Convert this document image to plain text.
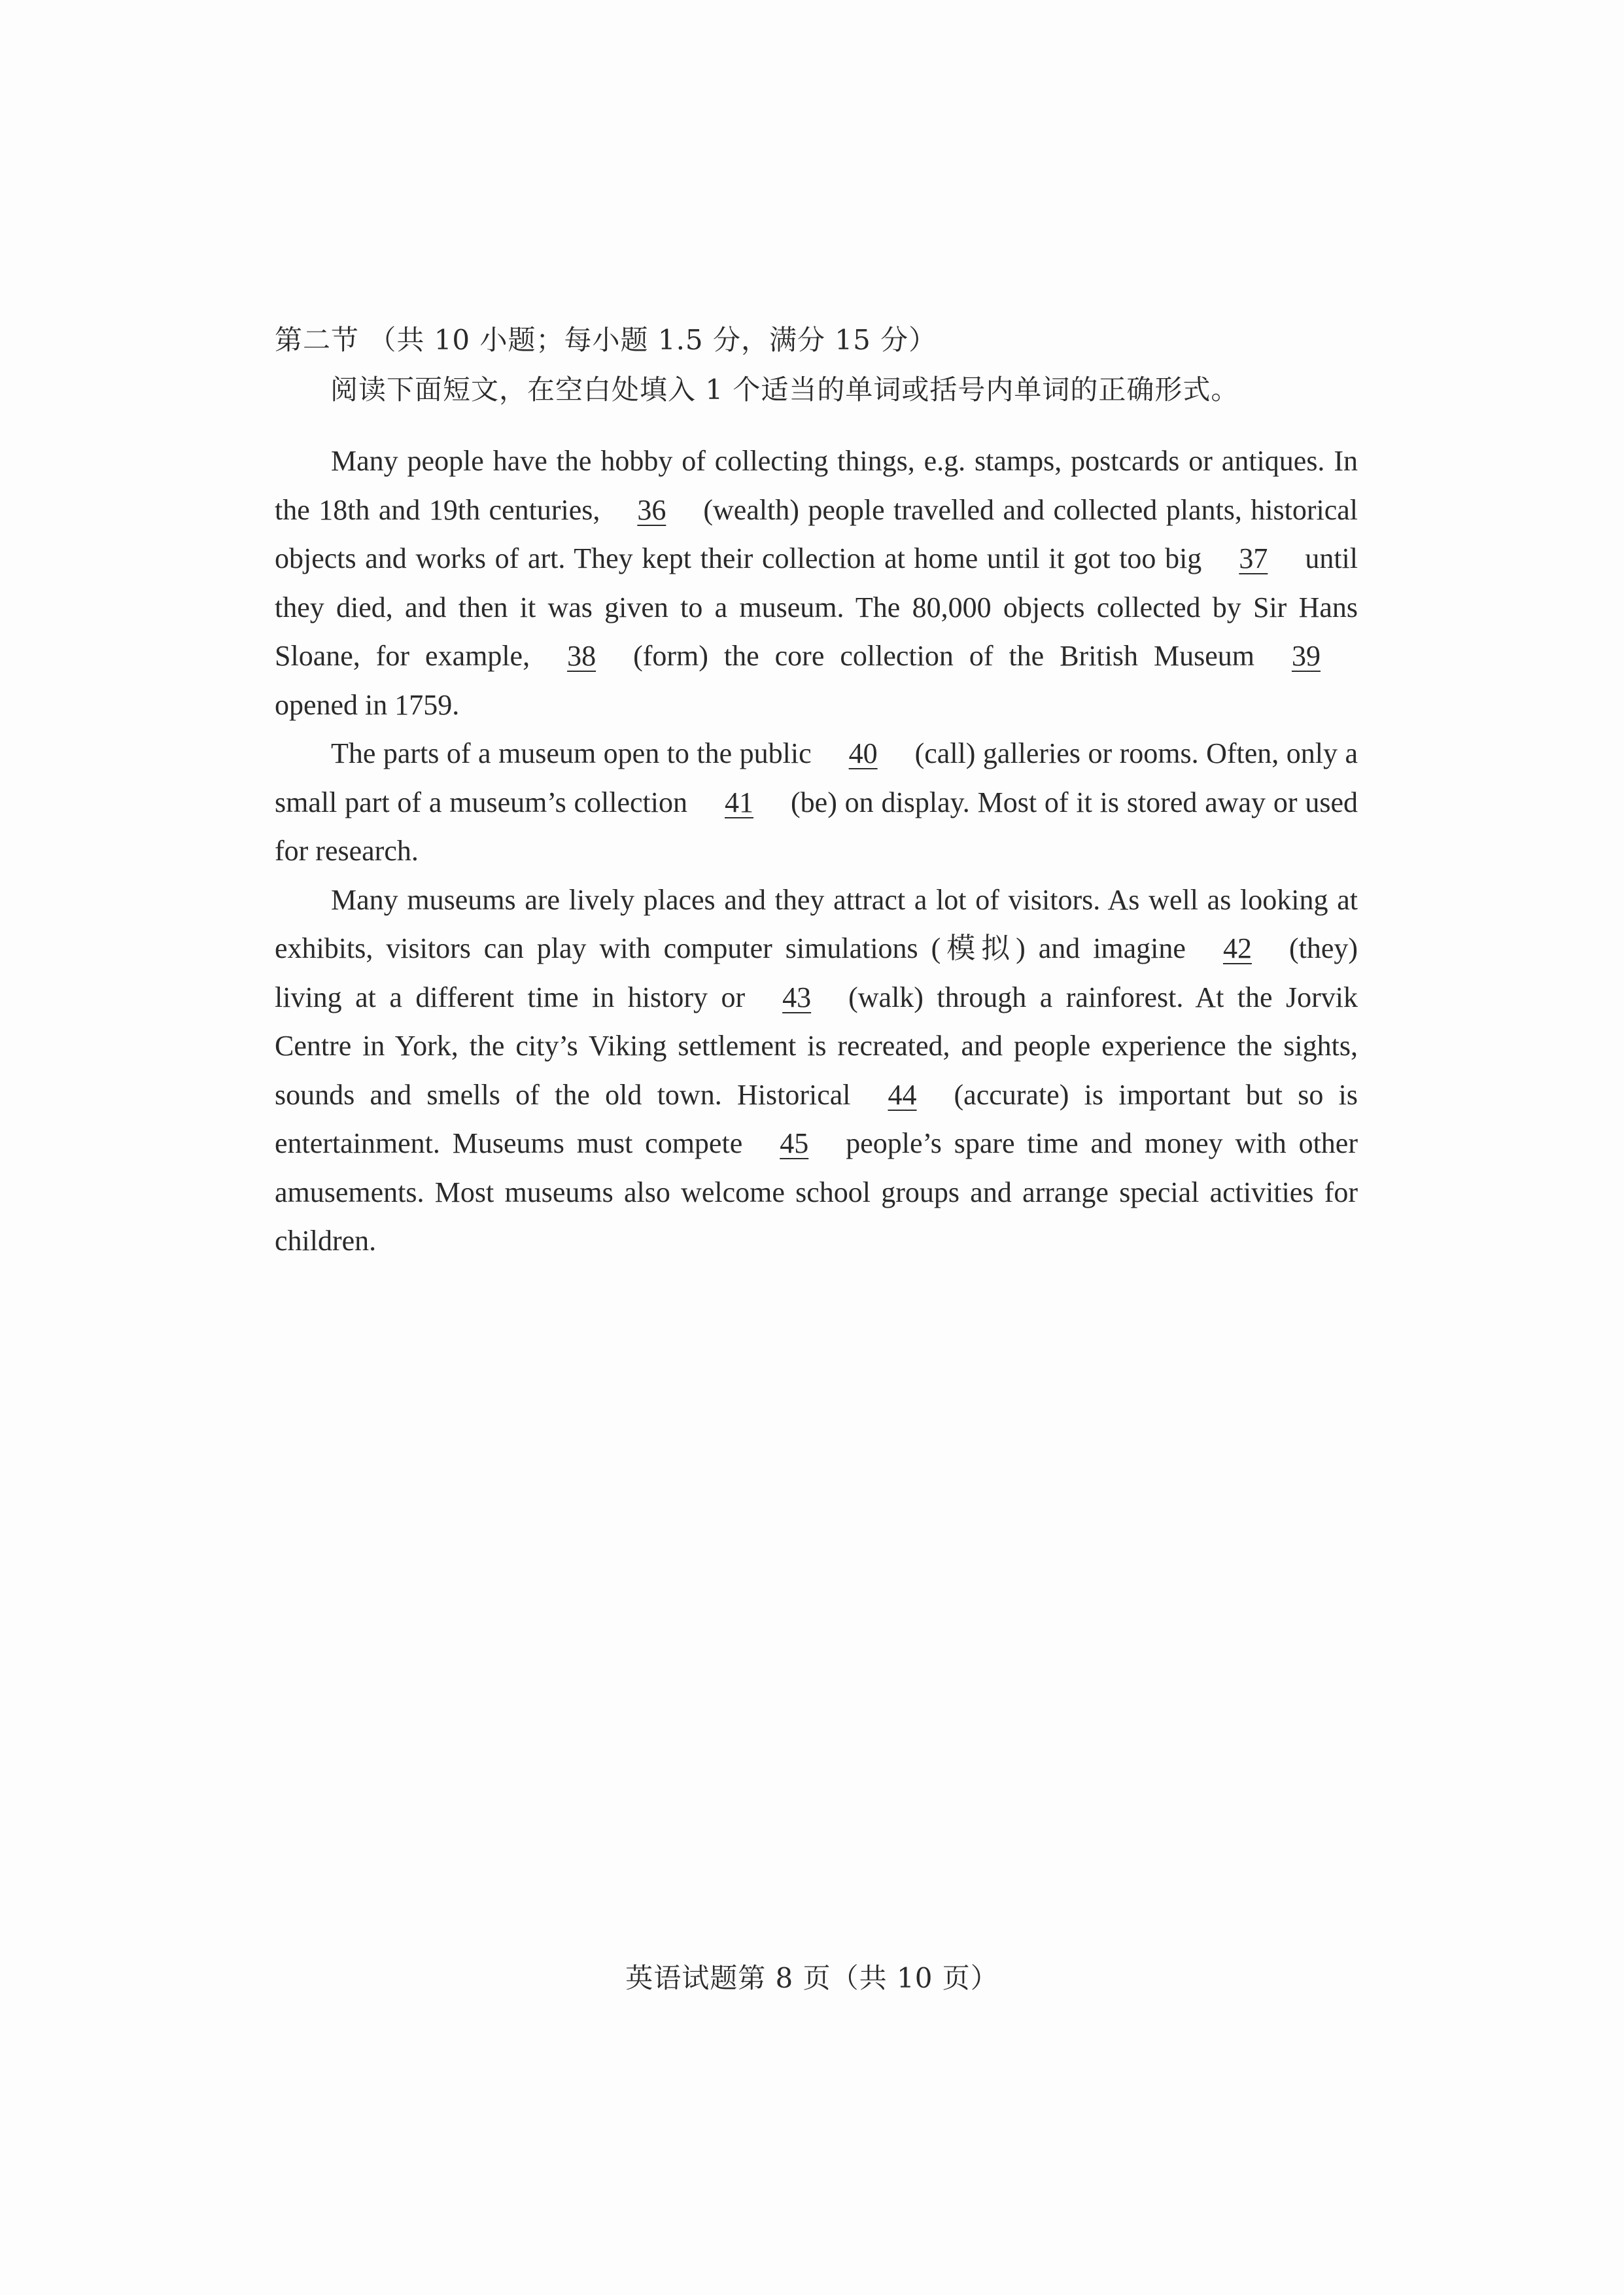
第二节 （共 10 小题；每小题 1.5 分，满分 15 分）
阅读下面短文，在空白处填入 1 个适当的单词或括号内单词的正确形式。

Many people have the hobby of collecting things, e.g. stamps, postcards or antiques. In the 18th and 19th centuries, 36 (wealth) people travelled and collected plants, historical objects and works of art. They kept their collection at home until it got too big 37 until they died, and then it was given to a museum. The 80,000 objects collected by Sir Hans Sloane, for example, 38 (form) the core collection of the British Museum 39opened in 1759.

The parts of a museum open to the public 40 (call) galleries or rooms. Often, only a small part of a museum’s collection 41 (be) on display. Most of it is stored away or used for research.

Many museums are lively places and they attract a lot of visitors. As well as looking at exhibits, visitors can play with computer simulations (模拟) and imagine 42 (they) living at a different time in history or 43 (walk) through a rainforest. At the Jorvik Centre in York, the city’s Viking settlement is recreated, and people experience the sights, sounds and smells of the old town. Historical 44 (accurate) is important but so is entertainment. Museums must compete 45 people’s spare time and money with other amusements. Most museums also welcome school groups and arrange special activities for children.

英语试题第 8 页（共 10 页）
